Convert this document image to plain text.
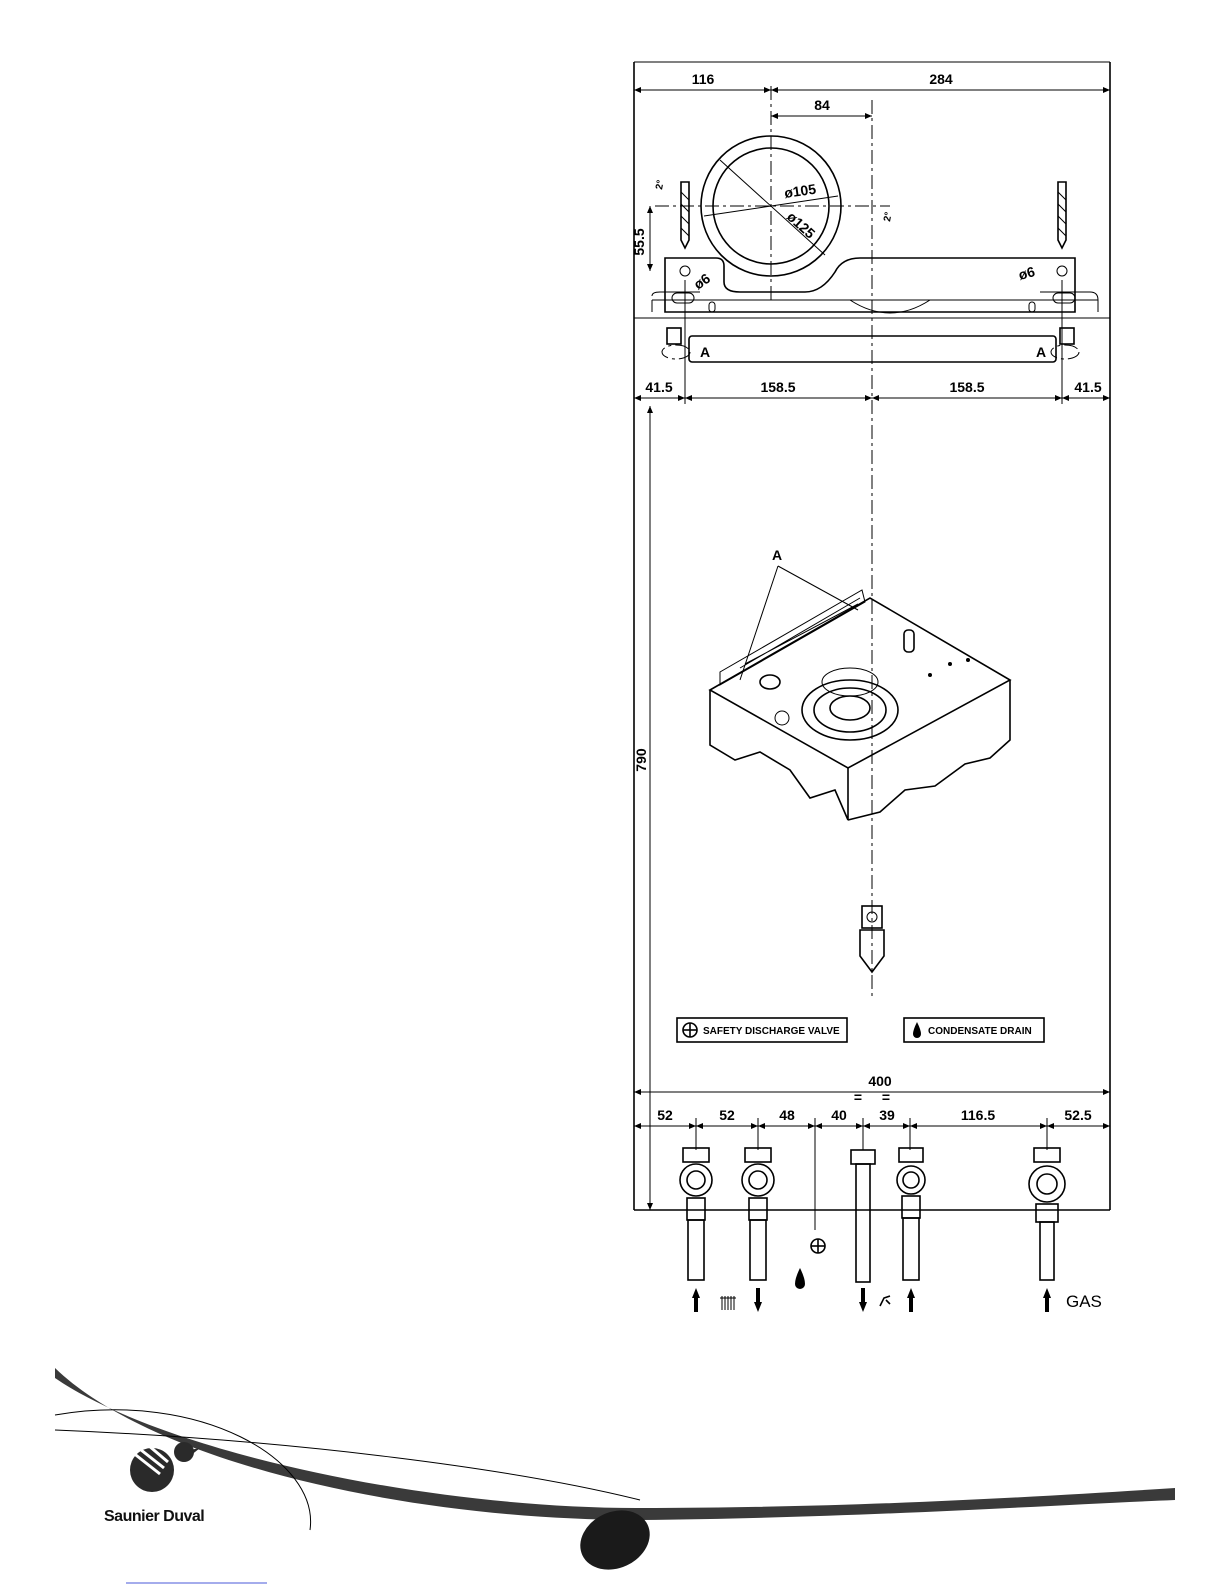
116	284
84
ø105
ø125
2°
2°
55.5
ø6	ø6
A	A
41.5	158.5	158.5	41.5
790
A
SAFETY DISCHARGE VALVE	CONDENSATE DRAIN
400
= =
52	52	48	40 39	116.5	52.5
GAS
Saunier Duval
